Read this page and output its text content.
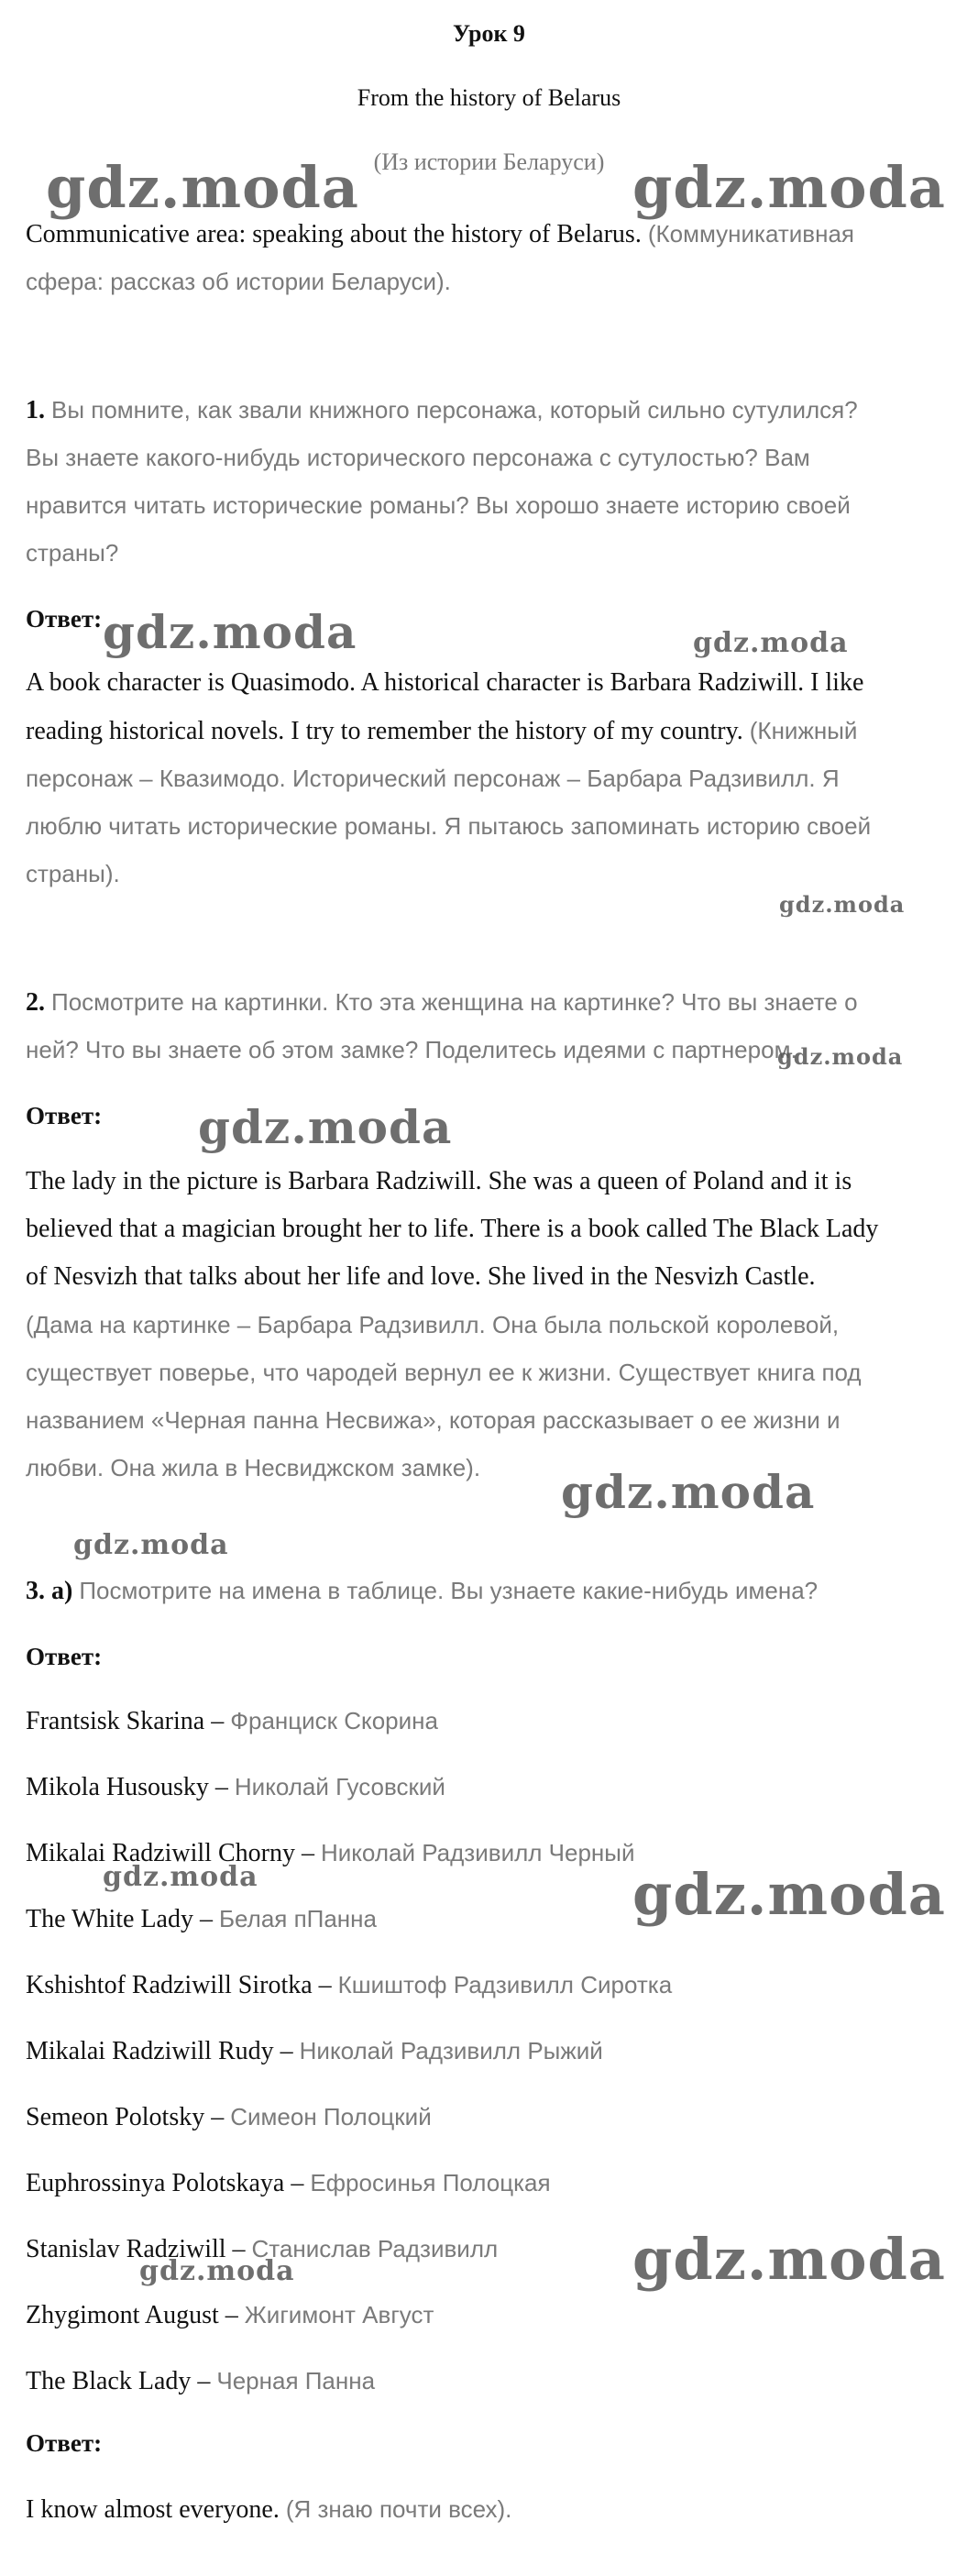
Урок 9
From the history of Belarus
(Из истории Беларуси)
Communicative area: speaking about the history of Belarus. (Коммуникативная
сфера: рассказ об истории Беларуси).
1. Вы помните, как звали книжного персонажа, который сильно сутулился?
Вы знаете какого-нибудь исторического персонажа с сутулостью? Вам
нравится читать исторические романы? Вы хорошо знаете историю своей
страны?
Ответ:
A book character is Quasimodo. A historical character is Barbara Radziwill. I like
reading historical novels. I try to remember the history of my country. (Книжный
персонаж – Квазимодо. Исторический персонаж – Барбара Радзивилл. Я
люблю читать исторические романы. Я пытаюсь запоминать историю своей
страны).
2. Посмотрите на картинки. Кто эта женщина на картинке? Что вы знаете о
ней? Что вы знаете об этом замке? Поделитесь идеями с партнером.
Ответ:
The lady in the picture is Barbara Radziwill. She was a queen of Poland and it is
believed that a magician brought her to life. There is a book called The Black Lady
of Nesvizh that talks about her life and love. She lived in the Nesvizh Castle.
(Дама на картинке – Барбара Радзивилл. Она была польской королевой,
существует поверье, что чародей вернул ее к жизни. Существует книга под
названием «Черная панна Несвижа», которая рассказывает о ее жизни и
любви. Она жила в Несвиджском замке).
3. а) Посмотрите на имена в таблице. Вы узнаете какие-нибудь имена?
Ответ:
Frantsisk Skarina – Франциск Скорина
Mikola Husousky – Николай Гусовский
Mikalai Radziwill Chorny – Николай Радзивилл Черный
The White Lady – Белая пПанна
Kshishtof Radziwill Sirotka – Кшиштоф Радзивилл Сиротка
Mikalai Radziwill Rudy – Николай Радзивилл Рыжий
Semeon Polotsky – Симеон Полоцкий
Euphrossinya Polotskaya – Ефросинья Полоцкая
Stanislav Radziwill – Станислав Радзивилл
Zhygimont August – Жигимонт Август
The Black Lady – Черная Панна
Ответ:
I know almost everyone. (Я знаю почти всех).
gdz.moda	gdz.moda
gdz.moda	gdz.moda
gdz.moda
gdz.moda
gdz.moda
gdz.moda
gdz.moda
gdz.moda	gdz.moda
gdz.moda	gdz.moda
